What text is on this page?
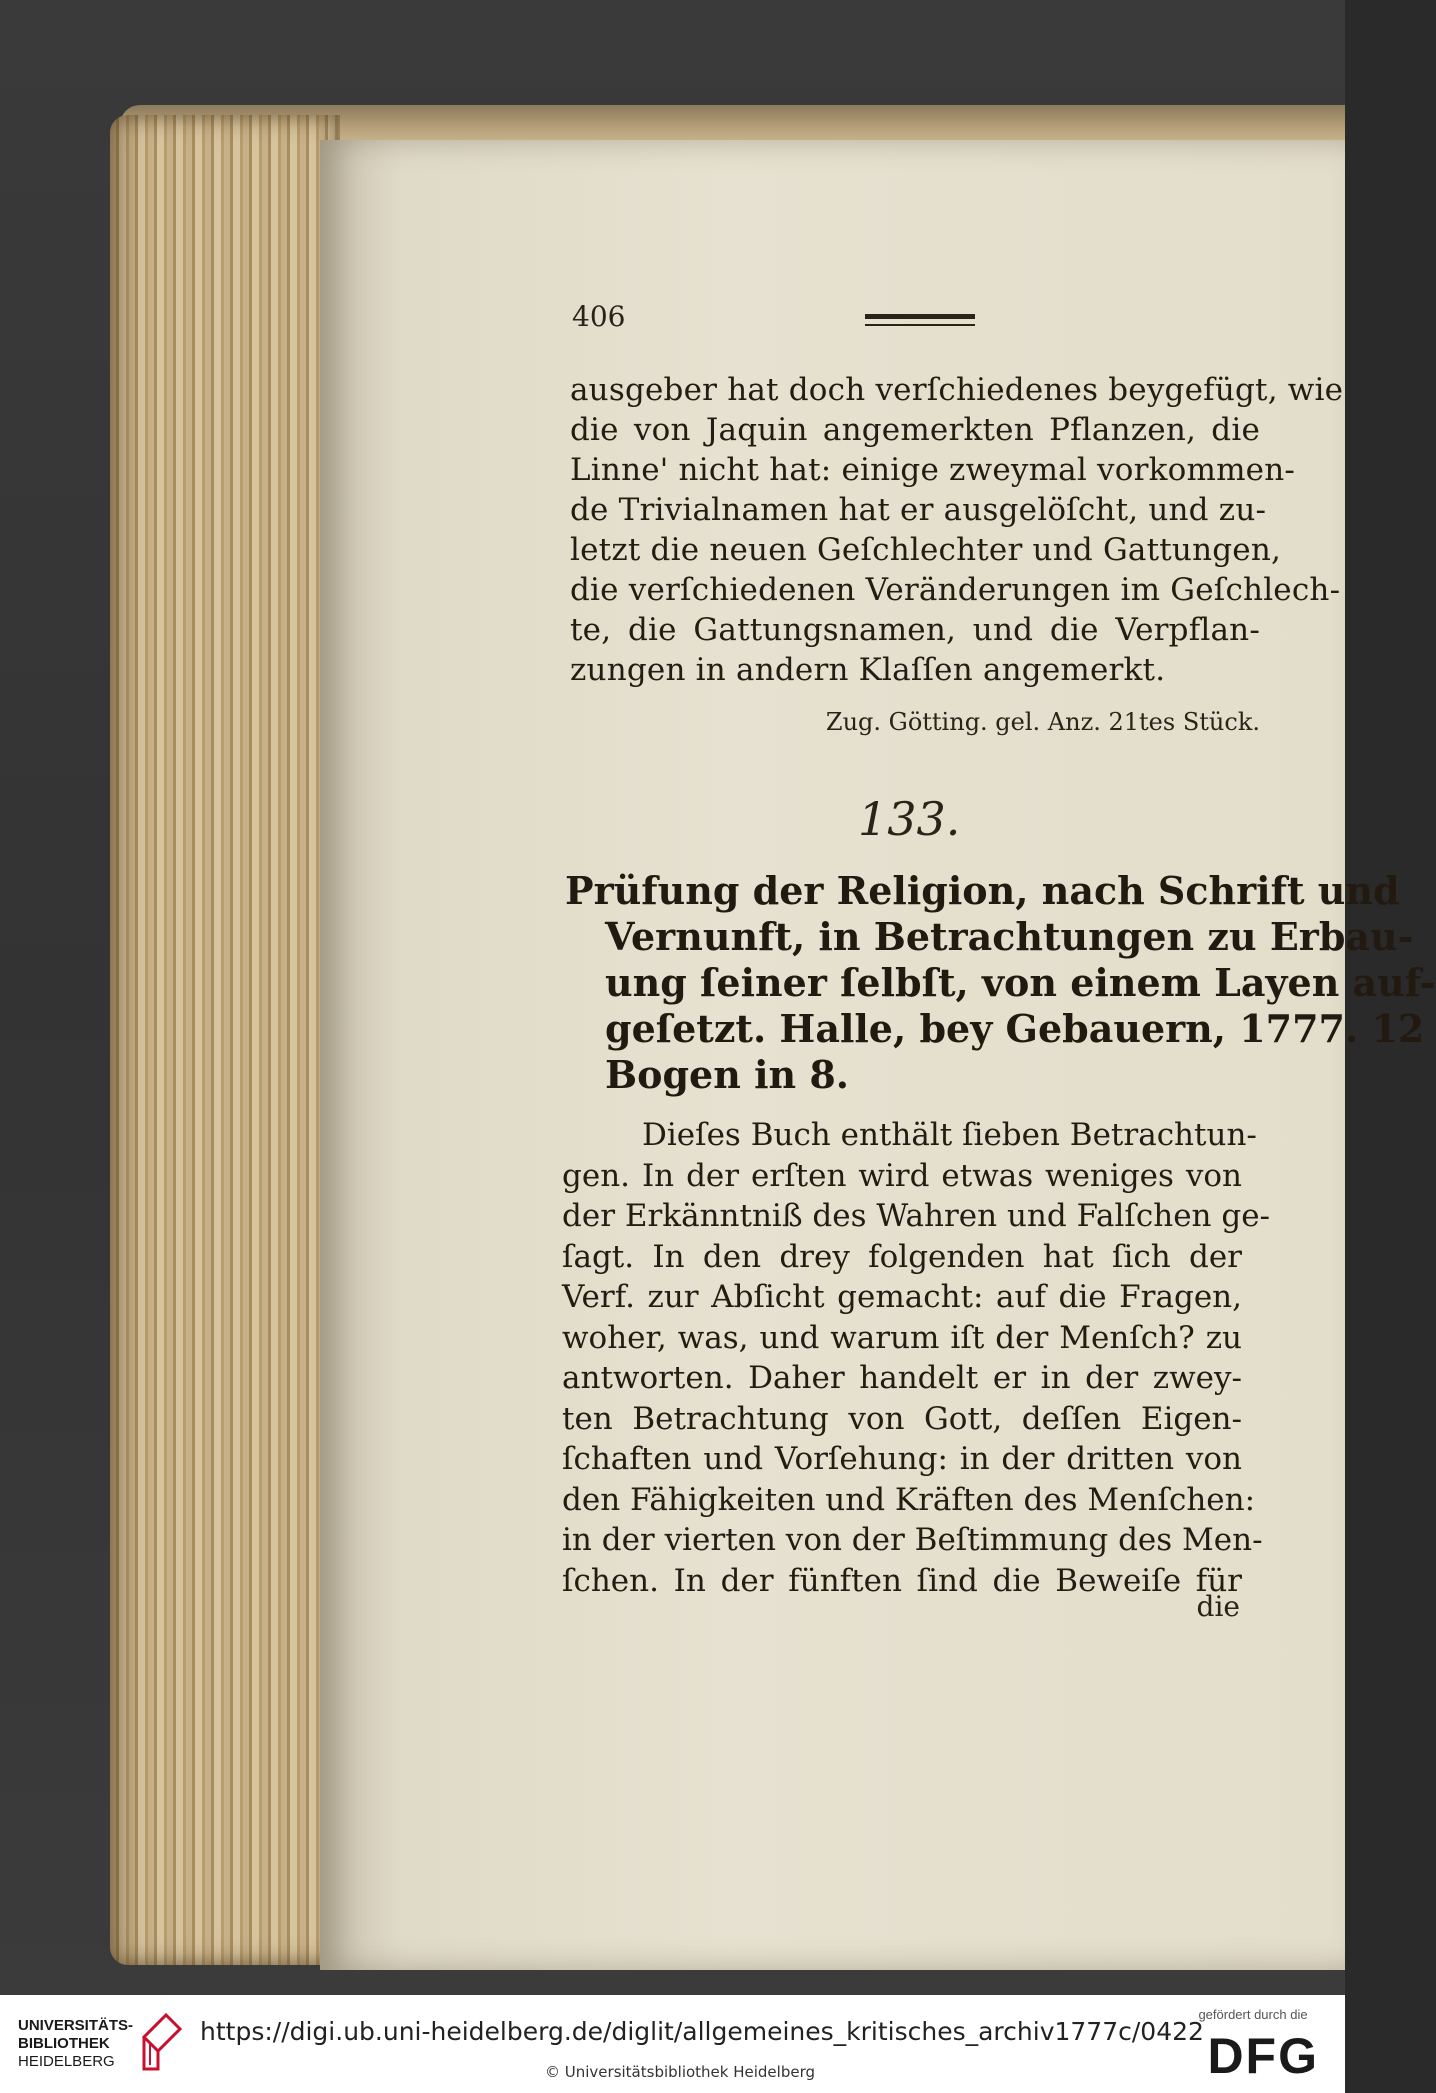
406
ausgeber hat doch verſchiedenes beygefügt, wie
die von Jaquin angemerkten Pflanzen, die
Linne' nicht hat: einige zweymal vorkommen-
de Trivialnamen hat er ausgelöſcht, und zu-
letzt die neuen Geſchlechter und Gattungen,
die verſchiedenen Veränderungen im Geſchlech-
te, die Gattungsnamen, und die Verpflan-
zungen in andern Klaſſen angemerkt.
Zug. Götting. gel. Anz. 21tes Stück.
133.
Prüfung der Religion, nach Schrift und
Vernunft, in Betrachtungen zu Erbau-
ung ſeiner ſelbſt, von einem Layen auf-
geſetzt. Halle, bey Gebauern, 1777. 12
Bogen in 8.
Dieſes Buch enthält ſieben Betrachtun-
gen. In der erſten wird etwas weniges von
der Erkänntniß des Wahren und Falſchen ge-
ſagt. In den drey folgenden hat ſich der
Verf. zur Abſicht gemacht: auf die Fragen,
woher, was, und warum iſt der Menſch? zu
antworten. Daher handelt er in der zwey-
ten Betrachtung von Gott, deſſen Eigen-
ſchaften und Vorſehung: in der dritten von
den Fähigkeiten und Kräften des Menſchen:
in der vierten von der Beſtimmung des Men-
ſchen. In der fünften ſind die Beweiſe für
die
UNIVERSITÄTS-
BIBLIOTHEK
HEIDELBERG
https://digi.ub.uni-heidelberg.de/diglit/allgemeines_kritisches_archiv1777c/0422
© Universitätsbibliothek Heidelberg
gefördert durch die
DFG
